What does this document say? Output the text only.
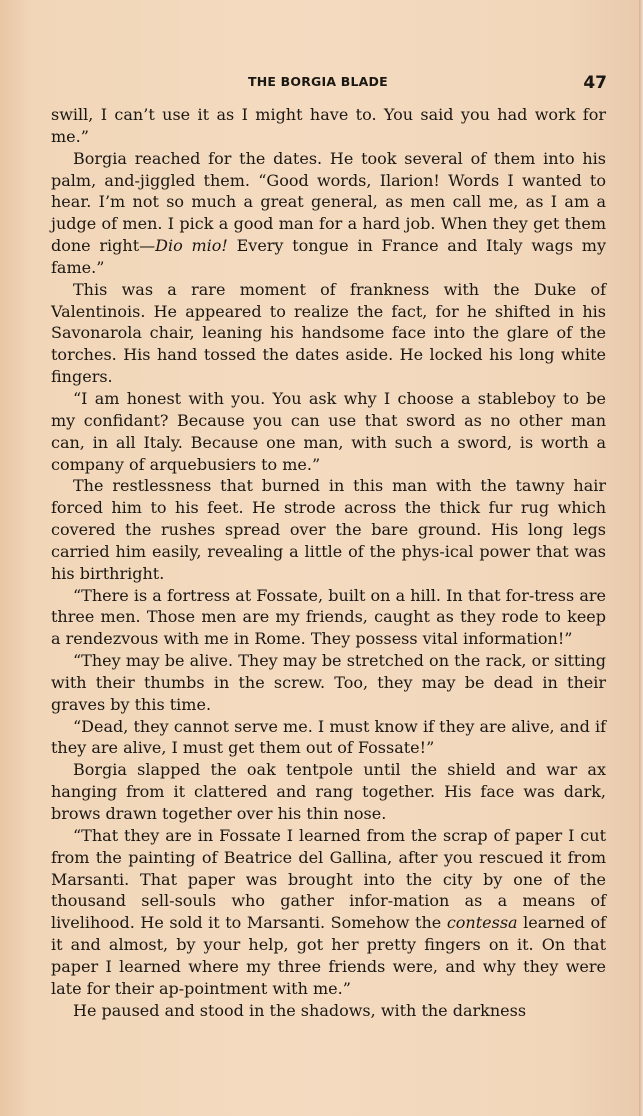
THE BORGIA BLADE	47

swill, I can’t use it as I might have to. You said you had work for me.”

Borgia reached for the dates. He took several of them into his palm, and-jiggled them. “Good words, Ilarion! Words I wanted to hear. I’m not so much a great general, as men call me, as I am a judge of men. I pick a good man for a hard job. When they get them done right—Dio mio! Every tongue in France and Italy wags my fame.”

This was a rare moment of frankness with the Duke of Valentinois. He appeared to realize the fact, for he shifted in his Savonarola chair, leaning his handsome face into the glare of the torches. His hand tossed the dates aside. He locked his long white fingers.

“I am honest with you. You ask why I choose a stableboy to be my confidant? Because you can use that sword as no other man can, in all Italy. Because one man, with such a sword, is worth a company of arquebusiers to me.”

The restlessness that burned in this man with the tawny hair forced him to his feet. He strode across the thick fur rug which covered the rushes spread over the bare ground. His long legs carried him easily, revealing a little of the phys-ical power that was his birthright.

“There is a fortress at Fossate, built on a hill. In that for-tress are three men. Those men are my friends, caught as they rode to keep a rendezvous with me in Rome. They possess vital information!”

“They may be alive. They may be stretched on the rack, or sitting with their thumbs in the screw. Too, they may be dead in their graves by this time.

“Dead, they cannot serve me. I must know if they are alive, and if they are alive, I must get them out of Fossate!”

Borgia slapped the oak tentpole until the shield and war ax hanging from it clattered and rang together. His face was dark, brows drawn together over his thin nose.

“That they are in Fossate I learned from the scrap of paper I cut from the painting of Beatrice del Gallina, after you rescued it from Marsanti. That paper was brought into the city by one of the thousand sell-souls who gather infor-mation as a means of livelihood. He sold it to Marsanti. Somehow the contessa learned of it and almost, by your help, got her pretty fingers on it. On that paper I learned where my three friends were, and why they were late for their ap-pointment with me.”

He paused and stood in the shadows, with the darkness
